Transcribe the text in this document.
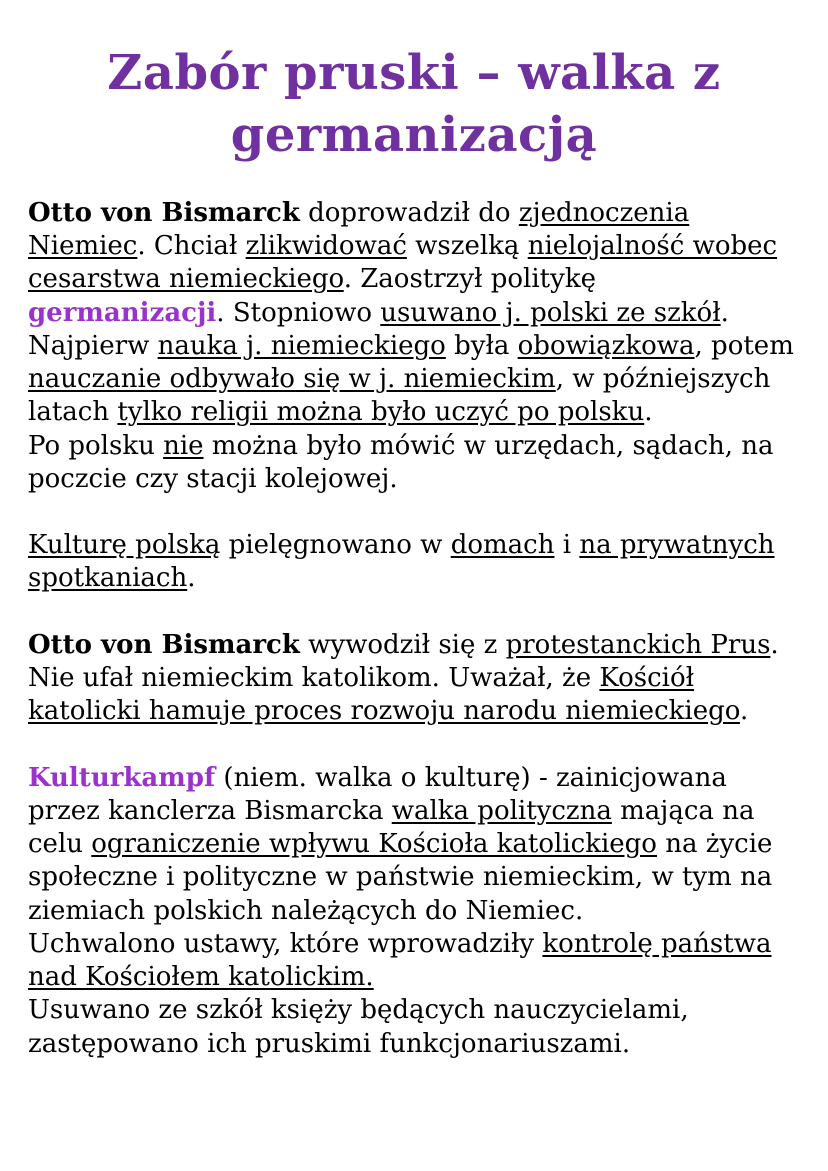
Zabór pruski – walka z germanizacją

Otto von Bismarck doprowadził do zjednoczenia Niemiec. Chciał zlikwidować wszelką nielojalność wobec cesarstwa niemieckiego. Zaostrzył politykę germanizacji. Stopniowo usuwano j. polski ze szkół. Najpierw nauka j. niemieckiego była obowiązkowa, potem nauczanie odbywało się w j. niemieckim, w późniejszych latach tylko religii można było uczyć po polsku.
Po polsku nie można było mówić w urzędach, sądach, na poczcie czy stacji kolejowej.

Kulturę polską pielęgnowano w domach i na prywatnych spotkaniach.

Otto von Bismarck wywodził się z protestanckich Prus. Nie ufał niemieckim katolikom. Uważał, że Kościół katolicki hamuje proces rozwoju narodu niemieckiego.

Kulturkampf (niem. walka o kulturę) - zainicjowana przez kanclerza Bismarcka walka polityczna mająca na celu ograniczenie wpływu Kościoła katolickiego na życie społeczne i polityczne w państwie niemieckim, w tym na ziemiach polskich należących do Niemiec.
Uchwalono ustawy, które wprowadziły kontrolę państwa nad Kościołem katolickim.
Usuwano ze szkół księży będących nauczycielami, zastępowano ich pruskimi funkcjonariuszami.
